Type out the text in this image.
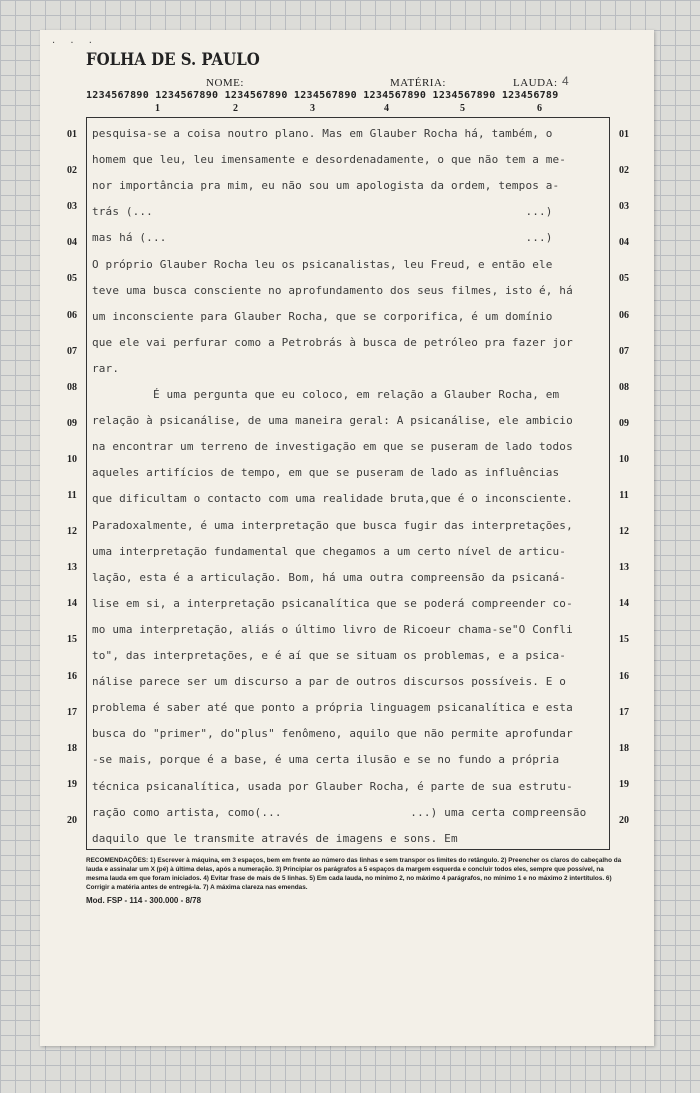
· · ·
FOLHA DE S. PAULO
NOME:	MATÉRIA:	LAUDA: 4
1234567890 1234567890 1234567890 1234567890 1234567890 1234567890 123456789
1	2	3	4	5	6
01	01
02	02
03	03
04	04
05	05
06	06
07	07
08	08
09	09
10	10
11	11
12	12
13	13
14	14
15	15
16	16
17	17
18	18
19	19
20	20
pesquisa-se a coisa noutro plano. Mas em Glauber Rocha há, também, o
homem que leu, leu imensamente e desordenadamente, o que não tem a me-
nor importância pra mim, eu não sou um apologista da ordem, tempos a-
trás (...                                                       ...)
mas há (...                                                     ...)
O próprio Glauber Rocha leu os psicanalistas, leu Freud, e então ele
teve uma busca consciente no aprofundamento dos seus filmes, isto é, há
um inconsciente para Glauber Rocha, que se corporifica, é um domínio
que ele vai perfurar como a Petrobrás à busca de petróleo pra fazer jor
rar.
É uma pergunta que eu coloco, em relação a Glauber Rocha, em
relação à psicanálise, de uma maneira geral: A psicanálise, ele ambicio
na encontrar um terreno de investigação em que se puseram de lado todos
aqueles artifícios de tempo, em que se puseram de lado as influências
que dificultam o contacto com uma realidade bruta,que é o inconsciente.
Paradoxalmente, é uma interpretação que busca fugir das interpretações,
uma interpretação fundamental que chegamos a um certo nível de articu-
lação, esta é a articulação. Bom, há uma outra compreensão da psicaná-
lise em si, a interpretação psicanalítica que se poderá compreender co-
mo uma interpretação, aliás o último livro de Ricoeur chama-se"O Confli
to", das interpretações, e é aí que se situam os problemas, e a psica-
nálise parece ser um discurso a par de outros discursos possíveis. E o
problema é saber até que ponto a própria linguagem psicanalítica e esta
busca do "primer", do"plus" fenômeno, aquilo que não permite aprofundar
-se mais, porque é a base, é uma certa ilusão e se no fundo a própria
técnica psicanalítica, usada por Glauber Rocha, é parte de sua estrutu-
ração como artista, como(...                   ...) uma certa compreensão
daquilo que le transmite através de imagens e sons. Em
RECOMENDAÇÕES: 1) Escrever à máquina, em 3 espaços, bem em frente ao número das linhas e sem transpor os limites do retângulo. 2) Preencher os claros do cabeçalho da lauda e assinalar um X (pé) à última delas, após a numeração. 3) Principiar os parágrafos a 5 espaços da margem esquerda e concluir todos eles, sempre que possível, na mesma lauda em que foram iniciados. 4) Evitar frase de mais de 5 linhas. 5) Em cada lauda, no mínimo 2, no máximo 4 parágrafos, no mínimo 1 e no máximo 2 intertítulos. 6) Corrigir a matéria antes de entregá-la. 7) A máxima clareza nas emendas.
Mod. FSP - 114 - 300.000 - 8/78
